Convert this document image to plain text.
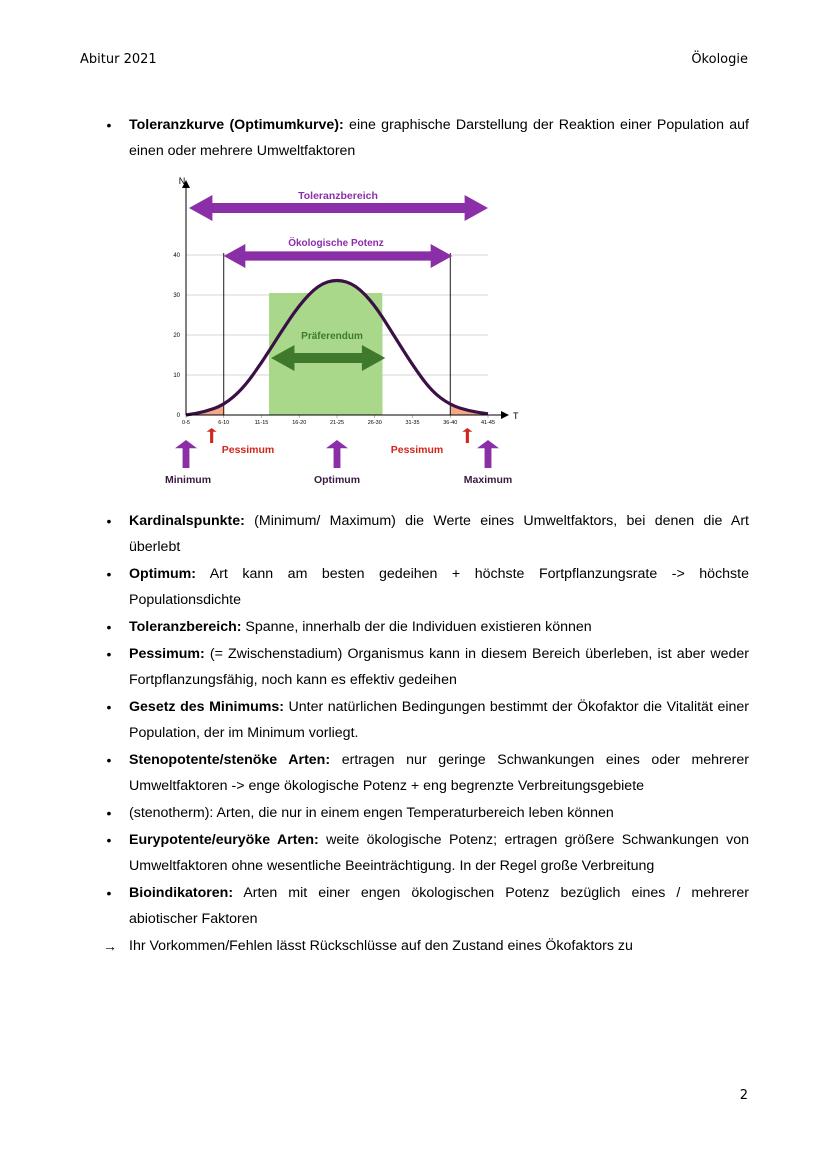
Abitur 2021	Ökologie
• Toleranzkurve (Optimumkurve): eine graphische Darstellung der Reaktion einer Population auf einen oder mehrere Umweltfaktoren
N
T
0
10
20
30
40
0-5	6-10	11-15	16-20	21-25	26-30	31-35	36-40	41-45
Toleranzbereich
Ökologische Potenz
Präferendum
Minimum
Pessimum
Optimum
Pessimum
Maximum
• Kardinalspunkte: (Minimum/ Maximum) die Werte eines Umweltfaktors, bei denen die Art überlebt
• Optimum: Art kann am besten gedeihen + höchste Fortpflanzungsrate -> höchste Populationsdichte
• Toleranzbereich: Spanne, innerhalb der die Individuen existieren können
• Pessimum: (= Zwischenstadium) Organismus kann in diesem Bereich überleben, ist aber weder Fortpflanzungsfähig, noch kann es effektiv gedeihen
• Gesetz des Minimums: Unter natürlichen Bedingungen bestimmt der Ökofaktor die Vitalität einer Population, der im Minimum vorliegt.
• Stenopotente/stenöke Arten: ertragen nur geringe Schwankungen eines oder mehrerer Umweltfaktoren -> enge ökologische Potenz + eng begrenzte Verbreitungsgebiete
• (stenotherm): Arten, die nur in einem engen Temperaturbereich leben können
• Eurypotente/euryöke Arten: weite ökologische Potenz; ertragen größere Schwankungen von Umweltfaktoren ohne wesentliche Beeinträchtigung. In der Regel große Verbreitung
• Bioindikatoren: Arten mit einer engen ökologischen Potenz bezüglich eines / mehrerer abiotischer Faktoren
→ Ihr Vorkommen/Fehlen lässt Rückschlüsse auf den Zustand eines Ökofaktors zu
2
